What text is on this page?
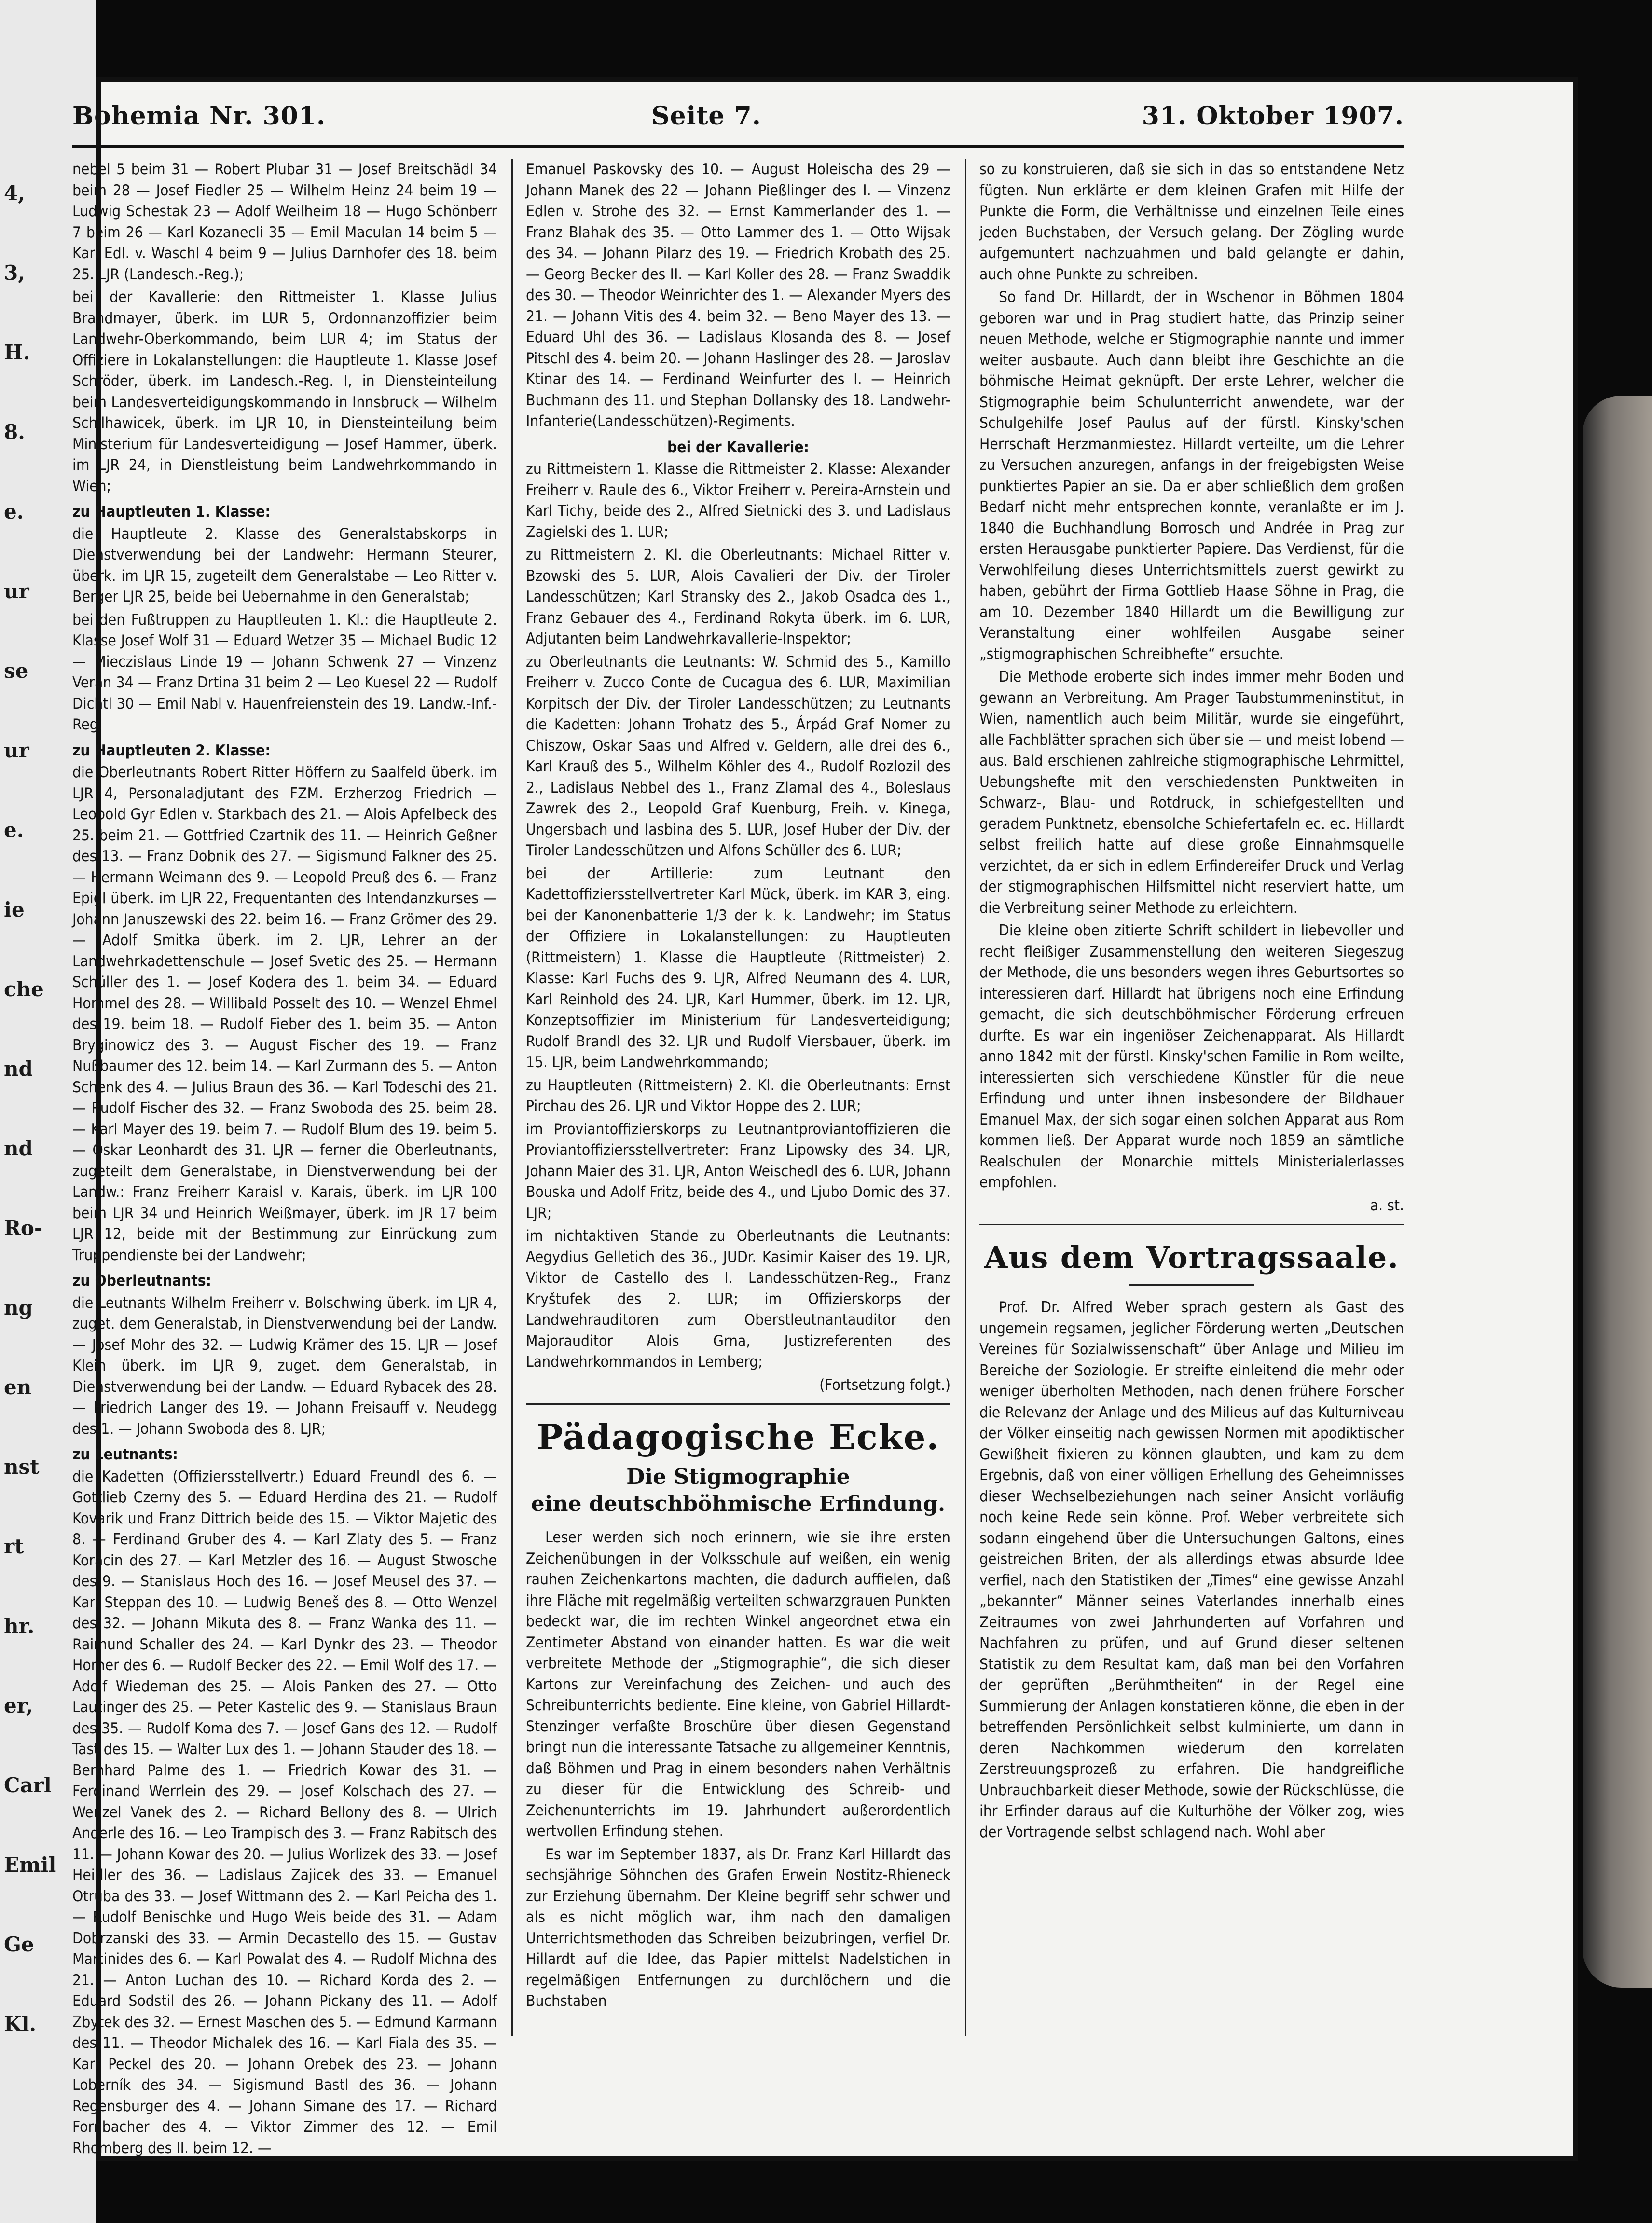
4,
3,
H.
8.
e.
ur
se
ur
e.
ie
che
nd
nd
Ro-
ng
en
nst
rt
hr.
er,
Carl
Emil
Ge
Kl.
Bohemia Nr. 301.	Seite 7.	31. Oktober 1907.

nebel 5 beim 31 — Robert Plubar 31 — Josef Breitschädl 34 beim 28 — Josef Fiedler 25 — Wilhelm Heinz 24 beim 19 — Ludwig Schestak 23 — Adolf Weilheim 18 — Hugo Schönberr 7 beim 26 — Karl Kozanecli 35 — Emil Maculan 14 beim 5 — Karl Edl. v. Waschl 4 beim 9 — Julius Darnhofer des 18. beim 25. LJR (Landesch.-Reg.);

bei der Kavallerie: den Rittmeister 1. Klasse Julius Brandmayer, überk. im LUR 5, Ordonnanzoffizier beim Landwehr-Oberkommando, beim LUR 4; im Status der Offiziere in Lokalanstellungen: die Hauptleute 1. Klasse Josef Schröder, überk. im Landesch.-Reg. I, in Diensteinteilung beim Landesverteidigungskommando in Innsbruck — Wilhelm Schilhawicek, überk. im LJR 10, in Diensteinteilung beim Ministerium für Landesverteidigung — Josef Hammer, überk. im LJR 24, in Dienstleistung beim Landwehrkommando in Wien;

zu Hauptleuten 1. Klasse:

die Hauptleute 2. Klasse des Generalstabskorps in Dienstverwendung bei der Landwehr: Hermann Steurer, überk. im LJR 15, zugeteilt dem Generalstabe — Leo Ritter v. Berger LJR 25, beide bei Uebernahme in den Generalstab;

bei den Fußtruppen zu Hauptleuten 1. Kl.: die Hauptleute 2. Klasse Josef Wolf 31 — Eduard Wetzer 35 — Michael Budic 12 — Mieczislaus Linde 19 — Johann Schwenk 27 — Vinzenz Veran 34 — Franz Drtina 31 beim 2 — Leo Kuesel 22 — Rudolf Dichtl 30 — Emil Nabl v. Hauenfreienstein des 19. Landw.-Inf.-Reg.

zu Hauptleuten 2. Klasse:

die Oberleutnants Robert Ritter Höffern zu Saalfeld überk. im LJR 4, Personaladjutant des FZM. Erzherzog Friedrich — Leopold Gyr Edlen v. Starkbach des 21. — Alois Apfelbeck des 25. beim 21. — Gottfried Czartnik des 11. — Heinrich Geßner des 13. — Franz Dobnik des 27. — Sigismund Falkner des 25. — Hermann Weimann des 9. — Leopold Preuß des 6. — Franz Epigl überk. im LJR 22, Frequentanten des Intendanzkurses — Johann Januszewski des 22. beim 16. — Franz Grömer des 29. — Adolf Smitka überk. im 2. LJR, Lehrer an der Landwehrkadettenschule — Josef Svetic des 25. — Hermann Schüller des 1. — Josef Kodera des 1. beim 34. — Eduard Hommel des 28. — Willibald Posselt des 10. — Wenzel Ehmel des 19. beim 18. — Rudolf Fieber des 1. beim 35. — Anton Bryginowicz des 3. — August Fischer des 19. — Franz Nußbaumer des 12. beim 14. — Karl Zurmann des 5. — Anton Schenk des 4. — Julius Braun des 36. — Karl Todeschi des 21. — Rudolf Fischer des 32. — Franz Swoboda des 25. beim 28. — Karl Mayer des 19. beim 7. — Rudolf Blum des 19. beim 5. — Oskar Leonhardt des 31. LJR — ferner die Oberleutnants, zugeteilt dem Generalstabe, in Dienstverwendung bei der Landw.: Franz Freiherr Karaisl v. Karais, überk. im LJR 100 beim LJR 34 und Heinrich Weißmayer, überk. im JR 17 beim LJR 12, beide mit der Bestimmung zur Einrückung zum Truppendienste bei der Landwehr;

zu Oberleutnants:

die Leutnants Wilhelm Freiherr v. Bolschwing überk. im LJR 4, zuget. dem Generalstab, in Dienstverwendung bei der Landw. — Josef Mohr des 32. — Ludwig Krämer des 15. LJR — Josef Klein überk. im LJR 9, zuget. dem Generalstab, in Dienstverwendung bei der Landw. — Eduard Rybacek des 28. — Friedrich Langer des 19. — Johann Freisauff v. Neudegg des 1. — Johann Swoboda des 8. LJR;

zu Leutnants:

die Kadetten (Offiziersstellvertr.) Eduard Freundl des 6. — Gottlieb Czerny des 5. — Eduard Herdina des 21. — Rudolf Kovarik und Franz Dittrich beide des 15. — Viktor Majetic des 8. — Ferdinand Gruber des 4. — Karl Zlaty des 5. — Franz Koracin des 27. — Karl Metzler des 16. — August Stwosche des 9. — Stanislaus Hoch des 16. — Josef Meusel des 37. — Karl Steppan des 10. — Ludwig Beneš des 8. — Otto Wenzel des 32. — Johann Mikuta des 8. — Franz Wanka des 11. — Raimund Schaller des 24. — Karl Dynkr des 23. — Theodor Horner des 6. — Rudolf Becker des 22. — Emil Wolf des 17. — Adolf Wiedeman des 25. — Alois Panken des 27. — Otto Lautinger des 25. — Peter Kastelic des 9. — Stanislaus Braun des 35. — Rudolf Koma des 7. — Josef Gans des 12. — Rudolf Tast des 15. — Walter Lux des 1. — Johann Stauder des 18. — Bernhard Palme des 1. — Friedrich Kowar des 31. — Ferdinand Werrlein des 29. — Josef Kolschach des 27. — Wenzel Vanek des 2. — Richard Bellony des 8. — Ulrich Anderle des 16. — Leo Trampisch des 3. — Franz Rabitsch des 11. — Johann Kowar des 20. — Julius Worlizek des 33. — Josef Heidler des 36. — Ladislaus Zajicek des 33. — Emanuel Otruba des 33. — Josef Wittmann des 2. — Karl Peicha des 1. — Rudolf Benischke und Hugo Weis beide des 31. — Adam Dobrzanski des 33. — Armin Decastello des 15. — Gustav Martinides des 6. — Karl Powalat des 4. — Rudolf Michna des 21. — Anton Luchan des 10. — Richard Korda des 2. — Eduard Sodstil des 26. — Johann Pickany des 11. — Adolf Zbytek des 32. — Ernest Maschen des 5. — Edmund Karmann des 11. — Theodor Michalek des 16. — Karl Fiala des 35. — Karl Peckel des 20. — Johann Orebek des 23. — Johann Loberník des 34. — Sigismund Bastl des 36. — Johann Regensburger des 4. — Johann Simane des 17. — Richard Fornbacher des 4. — Viktor Zimmer des 12. — Emil Rhomberg des II. beim 12. —

Emanuel Paskovsky des 10. — August Holeischa des 29 — Johann Manek des 22 — Johann Pießlinger des I. — Vinzenz Edlen v. Strohe des 32. — Ernst Kammerlander des 1. — Franz Blahak des 35. — Otto Lammer des 1. — Otto Wijsak des 34. — Johann Pilarz des 19. — Friedrich Krobath des 25. — Georg Becker des II. — Karl Koller des 28. — Franz Swaddik des 30. — Theodor Weinrichter des 1. — Alexander Myers des 21. — Johann Vitis des 4. beim 32. — Beno Mayer des 13. — Eduard Uhl des 36. — Ladislaus Klosanda des 8. — Josef Pitschl des 4. beim 20. — Johann Haslinger des 28. — Jaroslav Ktinar des 14. — Ferdinand Weinfurter des I. — Heinrich Buchmann des 11. und Stephan Dollansky des 18. Landwehr-Infanterie(Landesschützen)-Regiments.

bei der Kavallerie:

zu Rittmeistern 1. Klasse die Rittmeister 2. Klasse: Alexander Freiherr v. Raule des 6., Viktor Freiherr v. Pereira-Arnstein und Karl Tichy, beide des 2., Alfred Sietnicki des 3. und Ladislaus Zagielski des 1. LUR;

zu Rittmeistern 2. Kl. die Oberleutnants: Michael Ritter v. Bzowski des 5. LUR, Alois Cavalieri der Div. der Tiroler Landesschützen; Karl Stransky des 2., Jakob Osadca des 1., Franz Gebauer des 4., Ferdinand Rokyta überk. im 6. LUR, Adjutanten beim Landwehrkavallerie-Inspektor;

zu Oberleutnants die Leutnants: W. Schmid des 5., Kamillo Freiherr v. Zucco Conte de Cucagua des 6. LUR, Maximilian Korpitsch der Div. der Tiroler Landesschützen; zu Leutnants die Kadetten: Johann Trohatz des 5., Árpád Graf Nomer zu Chiszow, Oskar Saas und Alfred v. Geldern, alle drei des 6., Karl Krauß des 5., Wilhelm Köhler des 4., Rudolf Rozlozil des 2., Ladislaus Nebbel des 1., Franz Zlamal des 4., Boleslaus Zawrek des 2., Leopold Graf Kuenburg, Freih. v. Kinega, Ungersbach und Iasbina des 5. LUR, Josef Huber der Div. der Tiroler Landesschützen und Alfons Schüller des 6. LUR;

bei der Artillerie: zum Leutnant den Kadettoffiziersstellvertreter Karl Mück, überk. im KAR 3, eing. bei der Kanonenbatterie 1/3 der k. k. Landwehr; im Status der Offiziere in Lokalanstellungen: zu Hauptleuten (Rittmeistern) 1. Klasse die Hauptleute (Rittmeister) 2. Klasse: Karl Fuchs des 9. LJR, Alfred Neumann des 4. LUR, Karl Reinhold des 24. LJR, Karl Hummer, überk. im 12. LJR, Konzeptsoffizier im Ministerium für Landesverteidigung; Rudolf Brandl des 32. LJR und Rudolf Viersbauer, überk. im 15. LJR, beim Landwehrkommando;

zu Hauptleuten (Rittmeistern) 2. Kl. die Oberleutnants: Ernst Pirchau des 26. LJR und Viktor Hoppe des 2. LUR;

im Proviantoffizierskorps zu Leutnantproviantoffizieren die Proviantoffiziersstellvertreter: Franz Lipowsky des 34. LJR, Johann Maier des 31. LJR, Anton Weischedl des 6. LUR, Johann Bouska und Adolf Fritz, beide des 4., und Ljubo Domic des 37. LJR;

im nichtaktiven Stande zu Oberleutnants die Leutnants: Aegydius Gelletich des 36., JUDr. Kasimir Kaiser des 19. LJR, Viktor de Castello des I. Landesschützen-Reg., Franz Kryštufek des 2. LUR; im Offizierskorps der Landwehrauditoren zum Oberstleutnantauditor den Majorauditor Alois Grna, Justizreferenten des Landwehrkommandos in Lemberg;

(Fortsetzung folgt.)

Pädagogische Ecke.
Die Stigmographie
eine deutschböhmische Erfindung.

Leser werden sich noch erinnern, wie sie ihre ersten Zeichenübungen in der Volksschule auf weißen, ein wenig rauhen Zeichenkartons machten, die dadurch auffielen, daß ihre Fläche mit regelmäßig verteilten schwarzgrauen Punkten bedeckt war, die im rechten Winkel angeordnet etwa ein Zentimeter Abstand von einander hatten. Es war die weit verbreitete Methode der „Stigmographie“, die sich dieser Kartons zur Vereinfachung des Zeichen- und auch des Schreibunterrichts bediente. Eine kleine, von Gabriel Hillardt-Stenzinger verfaßte Broschüre über diesen Gegenstand bringt nun die interessante Tatsache zu allgemeiner Kenntnis, daß Böhmen und Prag in einem besonders nahen Verhältnis zu dieser für die Entwicklung des Schreib- und Zeichenunterrichts im 19. Jahrhundert außerordentlich wertvollen Erfindung stehen.

Es war im September 1837, als Dr. Franz Karl Hillardt das sechsjährige Söhnchen des Grafen Erwein Nostitz-Rhieneck zur Erziehung übernahm. Der Kleine begriff sehr schwer und als es nicht möglich war, ihm nach den damaligen Unterrichtsmethoden das Schreiben beizubringen, verfiel Dr. Hillardt auf die Idee, das Papier mittelst Nadelstichen in regelmäßigen Entfernungen zu durchlöchern und die Buchstaben

so zu konstruieren, daß sie sich in das so entstandene Netz fügten. Nun erklärte er dem kleinen Grafen mit Hilfe der Punkte die Form, die Verhältnisse und einzelnen Teile eines jeden Buchstaben, der Versuch gelang. Der Zögling wurde aufgemuntert nachzuahmen und bald gelangte er dahin, auch ohne Punkte zu schreiben.

So fand Dr. Hillardt, der in Wschenor in Böhmen 1804 geboren war und in Prag studiert hatte, das Prinzip seiner neuen Methode, welche er Stigmographie nannte und immer weiter ausbaute. Auch dann bleibt ihre Geschichte an die böhmische Heimat geknüpft. Der erste Lehrer, welcher die Stigmographie beim Schulunterricht anwendete, war der Schulgehilfe Josef Paulus auf der fürstl. Kinsky'schen Herrschaft Herzmanmiestez. Hillardt verteilte, um die Lehrer zu Versuchen anzuregen, anfangs in der freigebigsten Weise punktiertes Papier an sie. Da er aber schließlich dem großen Bedarf nicht mehr entsprechen konnte, veranlaßte er im J. 1840 die Buchhandlung Borrosch und Andrée in Prag zur ersten Herausgabe punktierter Papiere. Das Verdienst, für die Verwohlfeilung dieses Unterrichtsmittels zuerst gewirkt zu haben, gebührt der Firma Gottlieb Haase Söhne in Prag, die am 10. Dezember 1840 Hillardt um die Bewilligung zur Veranstaltung einer wohlfeilen Ausgabe seiner „stigmographischen Schreibhefte“ ersuchte.

Die Methode eroberte sich indes immer mehr Boden und gewann an Verbreitung. Am Prager Taubstummeninstitut, in Wien, namentlich auch beim Militär, wurde sie eingeführt, alle Fachblätter sprachen sich über sie — und meist lobend — aus. Bald erschienen zahlreiche stigmographische Lehrmittel, Uebungshefte mit den verschiedensten Punktweiten in Schwarz-, Blau- und Rotdruck, in schiefgestellten und geradem Punktnetz, ebensolche Schiefertafeln ec. ec. Hillardt selbst freilich hatte auf diese große Einnahmsquelle verzichtet, da er sich in edlem Erfindereifer Druck und Verlag der stigmographischen Hilfsmittel nicht reserviert hatte, um die Verbreitung seiner Methode zu erleichtern.

Die kleine oben zitierte Schrift schildert in liebevoller und recht fleißiger Zusammenstellung den weiteren Siegeszug der Methode, die uns besonders wegen ihres Geburtsortes so interessieren darf. Hillardt hat übrigens noch eine Erfindung gemacht, die sich deutschböhmischer Förderung erfreuen durfte. Es war ein ingeniöser Zeichenapparat. Als Hillardt anno 1842 mit der fürstl. Kinsky'schen Familie in Rom weilte, interessierten sich verschiedene Künstler für die neue Erfindung und unter ihnen insbesondere der Bildhauer Emanuel Max, der sich sogar einen solchen Apparat aus Rom kommen ließ. Der Apparat wurde noch 1859 an sämtliche Realschulen der Monarchie mittels Ministerialerlasses empfohlen.

a. st.

Aus dem Vortragssaale.

Prof. Dr. Alfred Weber sprach gestern als Gast des ungemein regsamen, jeglicher Förderung werten „Deutschen Vereines für Sozialwissenschaft“ über Anlage und Milieu im Bereiche der Soziologie. Er streifte einleitend die mehr oder weniger überholten Methoden, nach denen frühere Forscher die Relevanz der Anlage und des Milieus auf das Kulturniveau der Völker einseitig nach gewissen Normen mit apodiktischer Gewißheit fixieren zu können glaubten, und kam zu dem Ergebnis, daß von einer völligen Erhellung des Geheimnisses dieser Wechselbeziehungen nach seiner Ansicht vorläufig noch keine Rede sein könne. Prof. Weber verbreitete sich sodann eingehend über die Untersuchungen Galtons, eines geistreichen Briten, der als allerdings etwas absurde Idee verfiel, nach den Statistiken der „Times“ eine gewisse Anzahl „bekannter“ Männer seines Vaterlandes innerhalb eines Zeitraumes von zwei Jahrhunderten auf Vorfahren und Nachfahren zu prüfen, und auf Grund dieser seltenen Statistik zu dem Resultat kam, daß man bei den Vorfahren der geprüften „Berühmtheiten“ in der Regel eine Summierung der Anlagen konstatieren könne, die eben in der betreffenden Persönlichkeit selbst kulminierte, um dann in deren Nachkommen wiederum den korrelaten Zerstreuungsprozeß zu erfahren. Die handgreifliche Unbrauchbarkeit dieser Methode, sowie der Rückschlüsse, die ihr Erfinder daraus auf die Kulturhöhe der Völker zog, wies der Vortragende selbst schlagend nach. Wohl aber
